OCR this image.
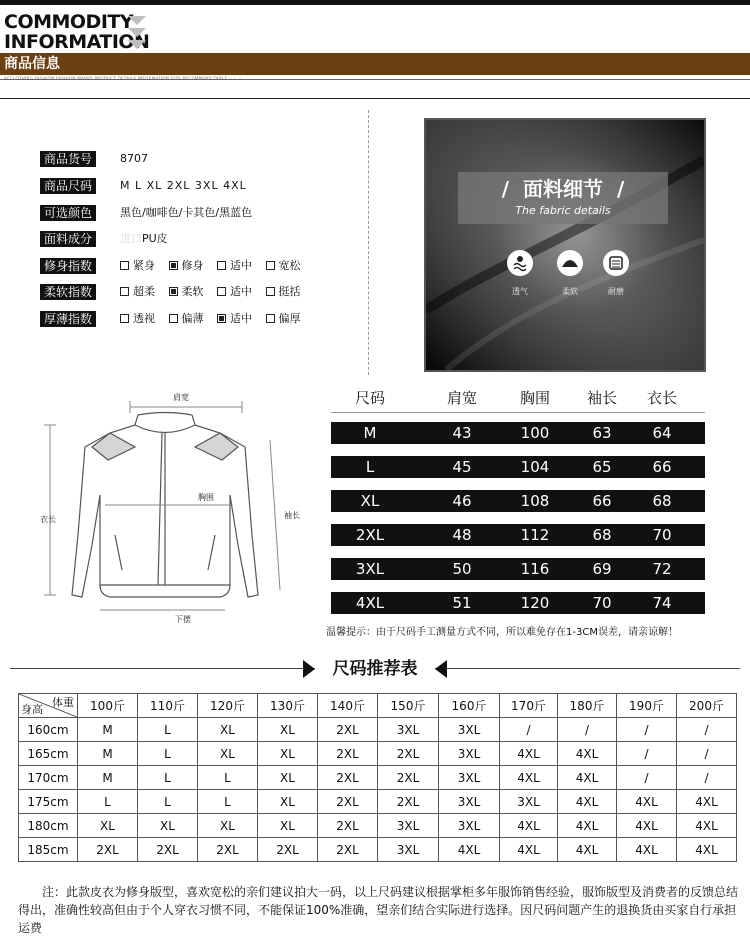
COMMODITY
INFORMATION
商品信息
商品货号	8707
商品尺码	M L XL 2XL 3XL 4XL
可选颜色	黑色/咖啡色/卡其色/黑蓝色
面料成分	进口PU皮
修身指数	紧身 修身 适中 宽松
柔软指数	超柔 柔软 适中 挺括
厚薄指数	透视 偏薄 适中 偏厚
/ 面料细节 /
The fabric details
透气	柔软	耐磨
肩宽
胸围
衣长	袖长
下摆
尺码	肩宽	胸围	袖长	衣长
M	43	100	63	64
L	45	104	65	66
XL	46	108	66	68
2XL	48	112	68	70
3XL	50	116	69	72
4XL	51	120	70	74
温馨提示：由于尺码手工测量方式不同，所以难免存在1-3CM误差，请亲谅解！
尺码推荐表
体重
身高	100斤	110斤	120斤	130斤	140斤	150斤	160斤	170斤	180斤	190斤	200斤
160cm	M	L	XL	XL	2XL	3XL	3XL	/	/	/	/
165cm	M	L	XL	XL	2XL	2XL	3XL	4XL	4XL	/	/
170cm	M	L	L	XL	2XL	2XL	3XL	4XL	4XL	/	/
175cm	L	L	L	XL	2XL	2XL	3XL	3XL	4XL	4XL	4XL
180cm	XL	XL	XL	XL	2XL	3XL	3XL	4XL	4XL	4XL	4XL
185cm	2XL	2XL	2XL	2XL	2XL	3XL	4XL	4XL	4XL	4XL	4XL
注：此款皮衣为修身版型，喜欢宽松的亲们建议拍大一码，以上尺码建议根据掌柜多年服饰销售经验，服饰版型及消费者的反馈总结得出，准确性较高但由于个人穿衣习惯不同，不能保证100%准确，望亲们结合实际进行选择。因尺码问题产生的退换货由买家自行承担运费
